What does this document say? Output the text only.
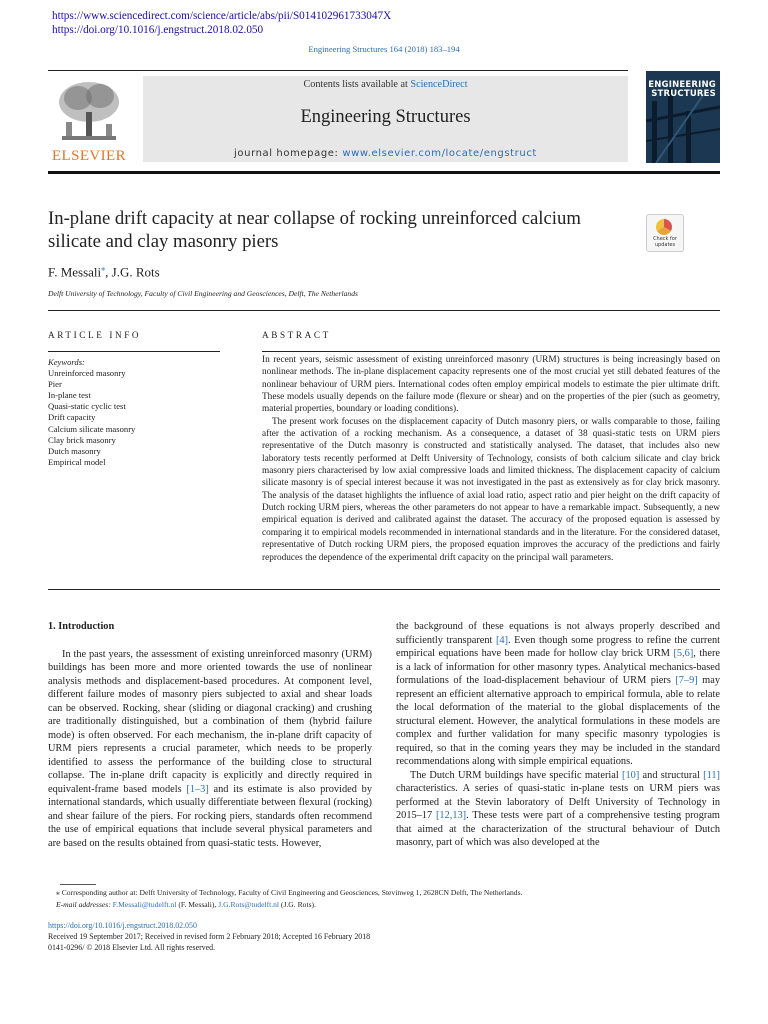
https://www.sciencedirect.com/science/article/abs/pii/S014102961733047X
https://doi.org/10.1016/j.engstruct.2018.02.050
Engineering Structures 164 (2018) 183–194
ELSEVIER
Contents lists available at ScienceDirect
Engineering Structures
journal homepage: www.elsevier.com/locate/engstruct
ENGINEERING
STRUCTURES
In-plane drift capacity at near collapse of rocking unreinforced calcium silicate and clay masonry piers	Check for
updates
F. Messali⁎, J.G. Rots
Delft University of Technology, Faculty of Civil Engineering and Geosciences, Delft, The Netherlands
ARTICLE INFO
Keywords:
Unreinforced masonry
Pier
In-plane test
Quasi-static cyclic test
Drift capacity
Calcium silicate masonry
Clay brick masonry
Dutch masonry
Empirical model
ABSTRACT

In recent years, seismic assessment of existing unreinforced masonry (URM) structures is being increasingly based on nonlinear methods. The in-plane displacement capacity represents one of the most crucial yet still debated features of the nonlinear behaviour of URM piers. International codes often employ empirical models to estimate the pier ultimate drift. These models usually depends on the failure mode (flexure or shear) and on the properties of the pier (such as geometry, material properties, boundary or loading conditions).

The present work focuses on the displacement capacity of Dutch masonry piers, or walls comparable to those, failing after the activation of a rocking mechanism. As a consequence, a dataset of 38 quasi-static tests on URM piers representative of the Dutch masonry is constructed and statistically analysed. The dataset, that includes also new laboratory tests recently performed at Delft University of Technology, consists of both calcium silicate and clay brick masonry piers characterised by low axial compressive loads and limited thickness. The displacement capacity of calcium silicate masonry is of special interest because it was not investigated in the past as extensively as for clay brick masonry. The analysis of the dataset highlights the influence of axial load ratio, aspect ratio and pier height on the drift capacity of Dutch rocking URM piers, whereas the other parameters do not appear to have a remarkable impact. Subsequently, a new empirical equation is derived and calibrated against the dataset. The accuracy of the proposed equation is assessed by comparing it to empirical models recommended in international standards and in the literature. For the considered dataset, representative of Dutch rocking URM piers, the proposed equation improves the accuracy of the predictions and fairly reproduces the dependence of the experimental drift capacity on the principal wall parameters.

1. Introduction

In the past years, the assessment of existing unreinforced masonry (URM) buildings has been more and more oriented towards the use of nonlinear analysis methods and displacement-based procedures. At component level, different failure modes of masonry piers subjected to axial and shear loads can be observed. Rocking, shear (sliding or diagonal cracking) and crushing are traditionally distinguished, but a combination of them (hybrid failure mode) is often observed. For each mechanism, the in-plane drift capacity of URM piers represents a crucial parameter, which needs to be properly identified to assess the performance of the building close to structural collapse. The in-plane drift capacity is explicitly and directly required in equivalent-frame based models [1–3] and its estimate is also provided by international standards, which usually differentiate between flexural (rocking) and shear failure of the piers. For rocking piers, standards often recommend the use of empirical equations that include several physical parameters and are based on the results obtained from quasi-static tests. However,

the background of these equations is not always properly described and sufficiently transparent [4]. Even though some progress to refine the current empirical equations have been made for hollow clay brick URM [5,6], there is a lack of information for other masonry types. Analytical mechanics-based formulations of the load-displacement behaviour of URM piers [7–9] may represent an efficient alternative approach to empirical formula, able to relate the local deformation of the material to the global displacements of the structural element. However, the analytical formulations in these models are complex and further validation for many specific masonry typologies is required, so that in the coming years they may be included in the standard recommendations along with simple empirical equations.

The Dutch URM buildings have specific material [10] and structural [11] characteristics. A series of quasi-static in-plane tests on URM piers was performed at the Stevin laboratory of Delft University of Technology in 2015–17 [12,13]. These tests were part of a comprehensive testing program that aimed at the characterization of the structural behaviour of Dutch masonry, part of which was also developed at the

⁎ Corresponding author at: Delft University of Technology, Faculty of Civil Engineering and Geosciences, Stevinweg 1, 2628CN Delft, The Netherlands.
E-mail addresses: F.Messali@tudelft.nl (F. Messali), J.G.Rots@tudelft.nl (J.G. Rots).
https://doi.org/10.1016/j.engstruct.2018.02.050
Received 19 September 2017; Received in revised form 2 February 2018; Accepted 16 February 2018
0141-0296/ © 2018 Elsevier Ltd. All rights reserved.
